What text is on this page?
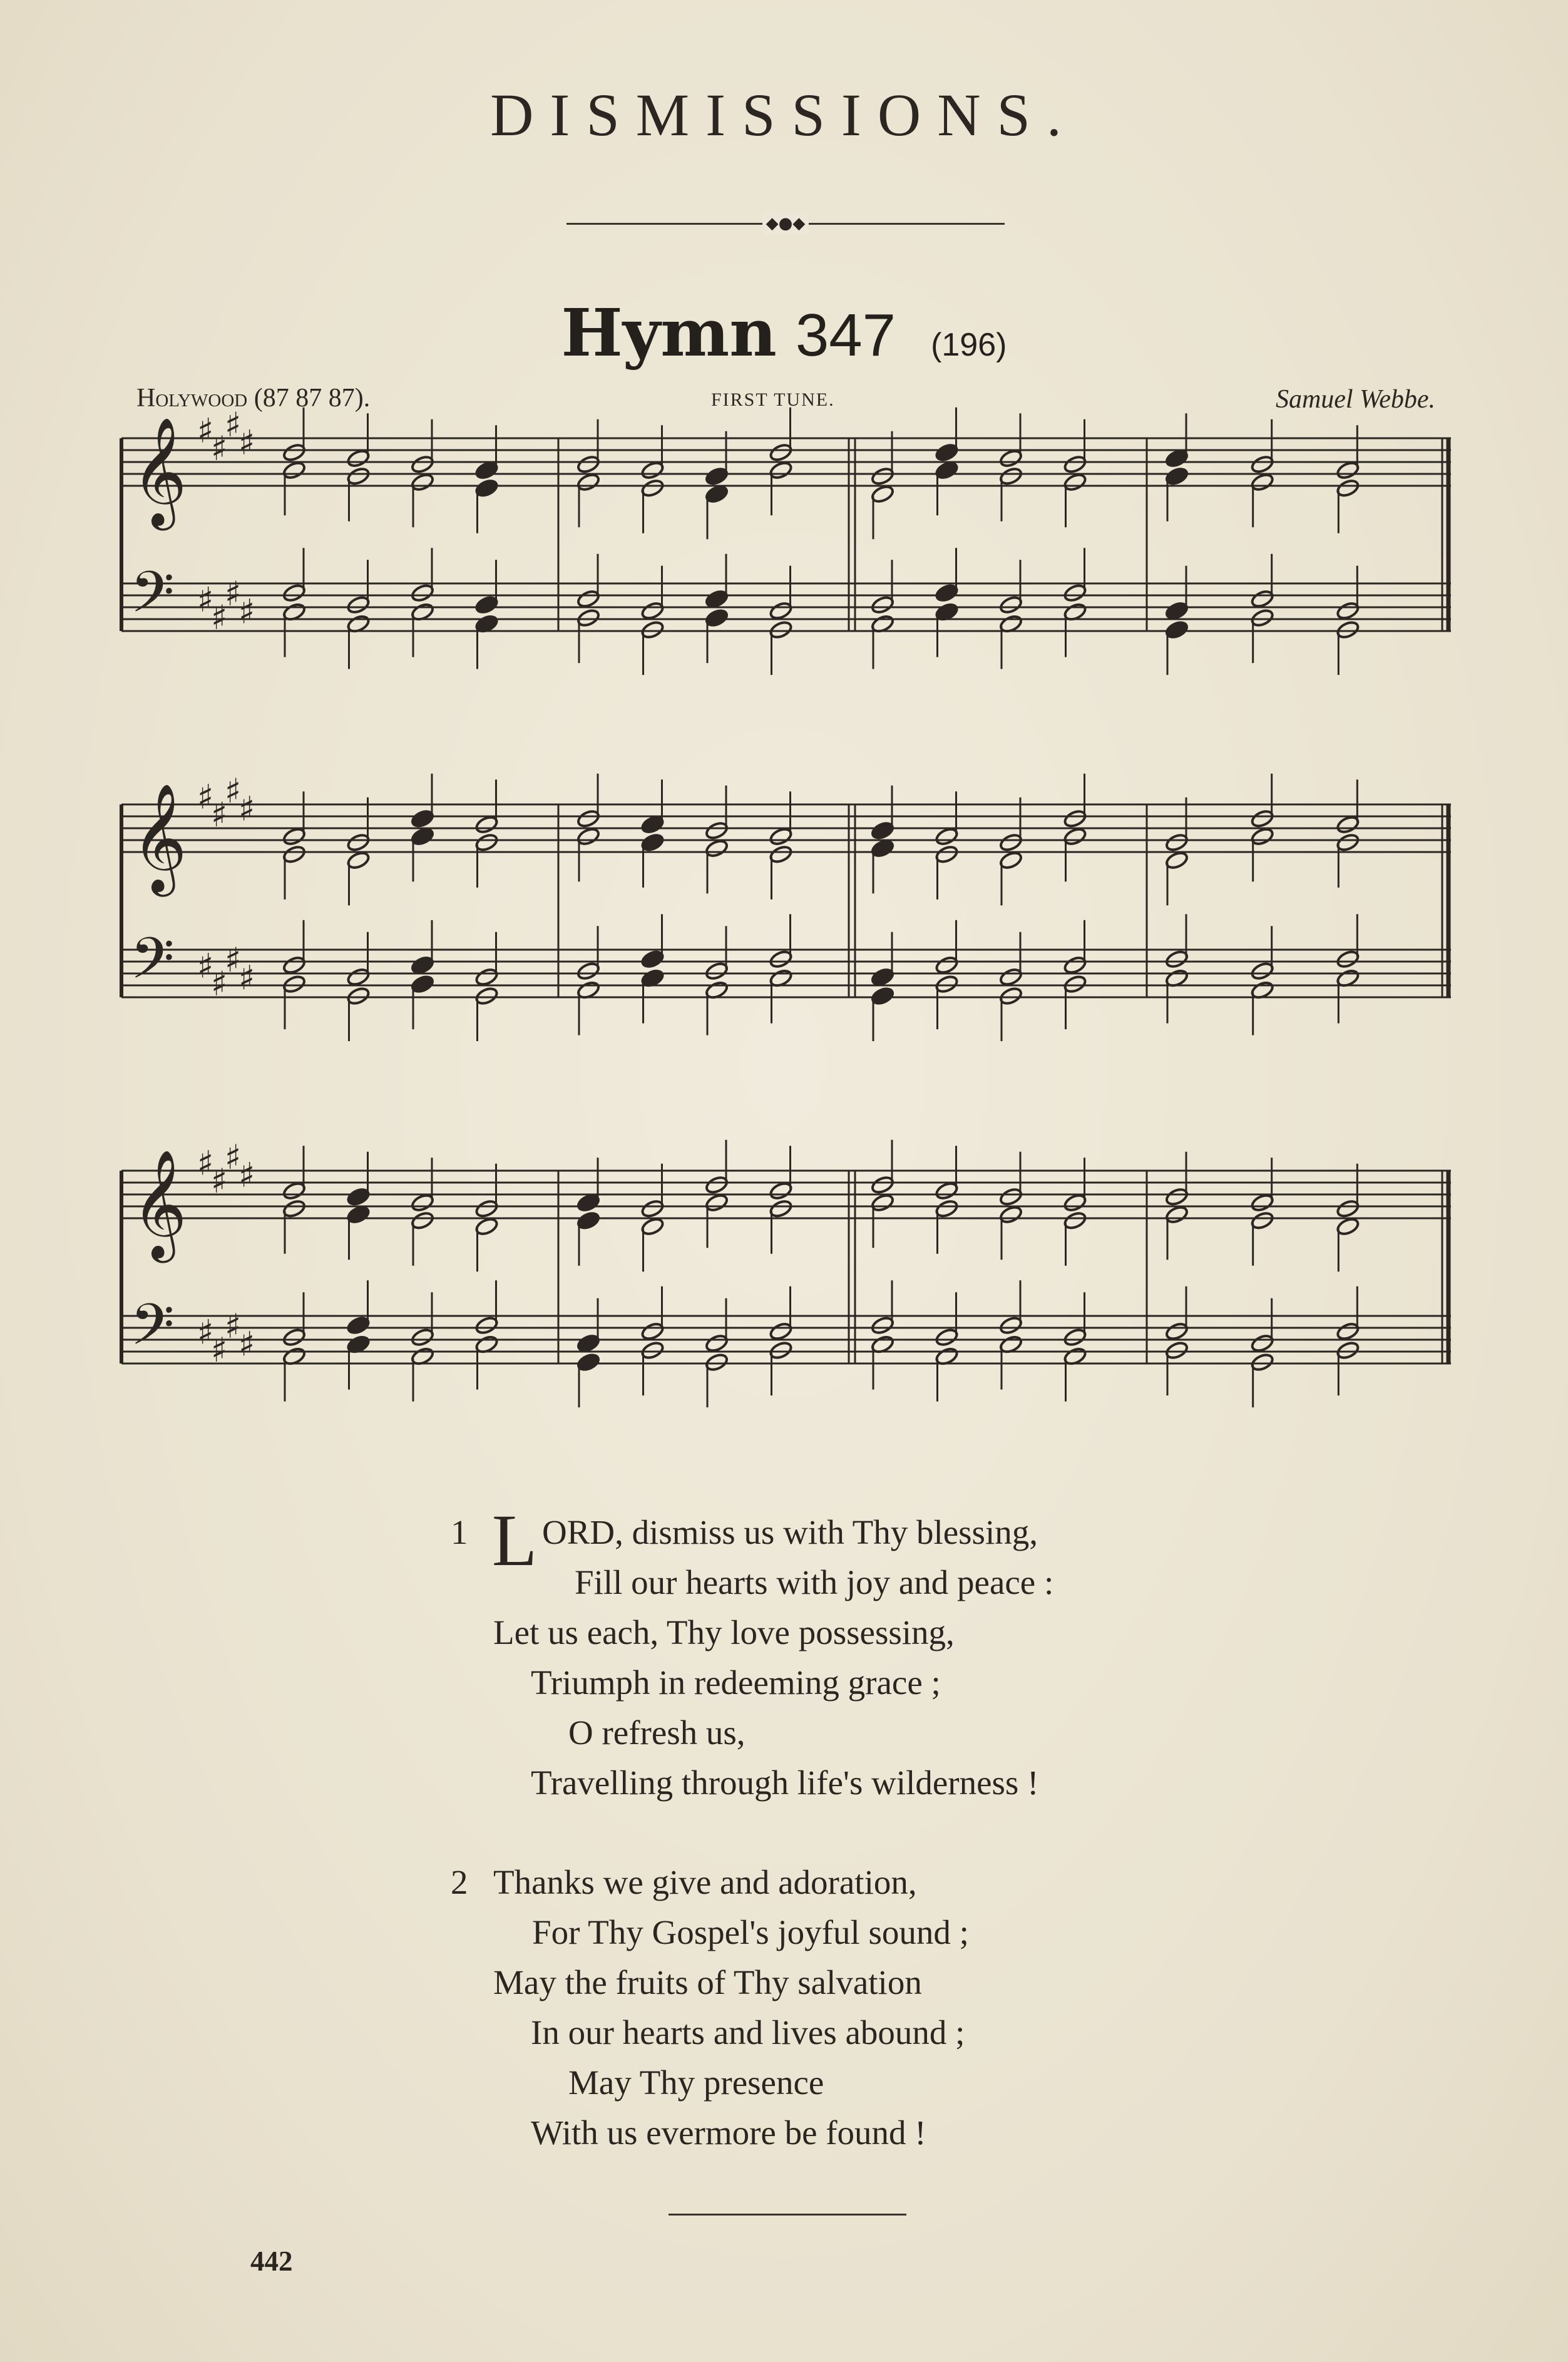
DISMISSIONS.
◆●◆
Hymn 347 (196)
Holywood (87 87 87).	FIRST TUNE.	Samuel Webbe.
𝄞
𝄢
♯
♯
♯
♯
♯
♯
♯
♯
𝄞
𝄢
♯
♯
♯
♯
♯
♯
♯
♯
𝄞
𝄢
♯
♯
♯
♯
♯
♯
♯
♯
1 L ORD, dismiss us with Thy blessing,
Fill our hearts with joy and peace :
Let us each, Thy love possessing,
Triumph in redeeming grace ;
O refresh us,
Travelling through life's wilderness !
2 Thanks we give and adoration,
For Thy Gospel's joyful sound ;
May the fruits of Thy salvation
In our hearts and lives abound ;
May Thy presence
With us evermore be found !
442
